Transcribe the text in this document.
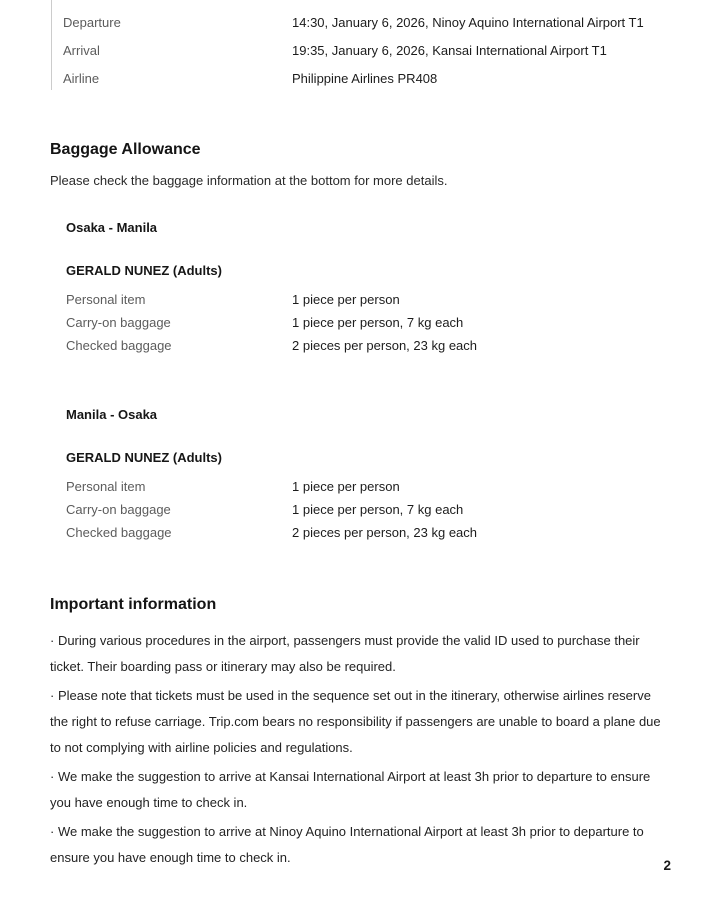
Departure	14:30, January 6, 2026, Ninoy Aquino International Airport T1
Arrival	19:35, January 6, 2026, Kansai International Airport T1
Airline	Philippine Airlines PR408
Baggage Allowance
Please check the baggage information at the bottom for more details.
Osaka - Manila
GERALD NUNEZ (Adults)
Personal item	1 piece per person
Carry-on baggage	1 piece per person, 7 kg each
Checked baggage	2 pieces per person, 23 kg each
Manila - Osaka
GERALD NUNEZ (Adults)
Personal item	1 piece per person
Carry-on baggage	1 piece per person, 7 kg each
Checked baggage	2 pieces per person, 23 kg each
Important information

· During various procedures in the airport, passengers must provide the valid ID used to purchase their ticket. Their boarding pass or itinerary may also be required.

· Please note that tickets must be used in the sequence set out in the itinerary, otherwise airlines reserve the right to refuse carriage. Trip.com bears no responsibility if passengers are unable to board a plane due to not complying with airline policies and regulations.

· We make the suggestion to arrive at Kansai International Airport at least 3h prior to departure to ensure you have enough time to check in.

· We make the suggestion to arrive at Ninoy Aquino International Airport at least 3h prior to departure to ensure you have enough time to check in.

2
